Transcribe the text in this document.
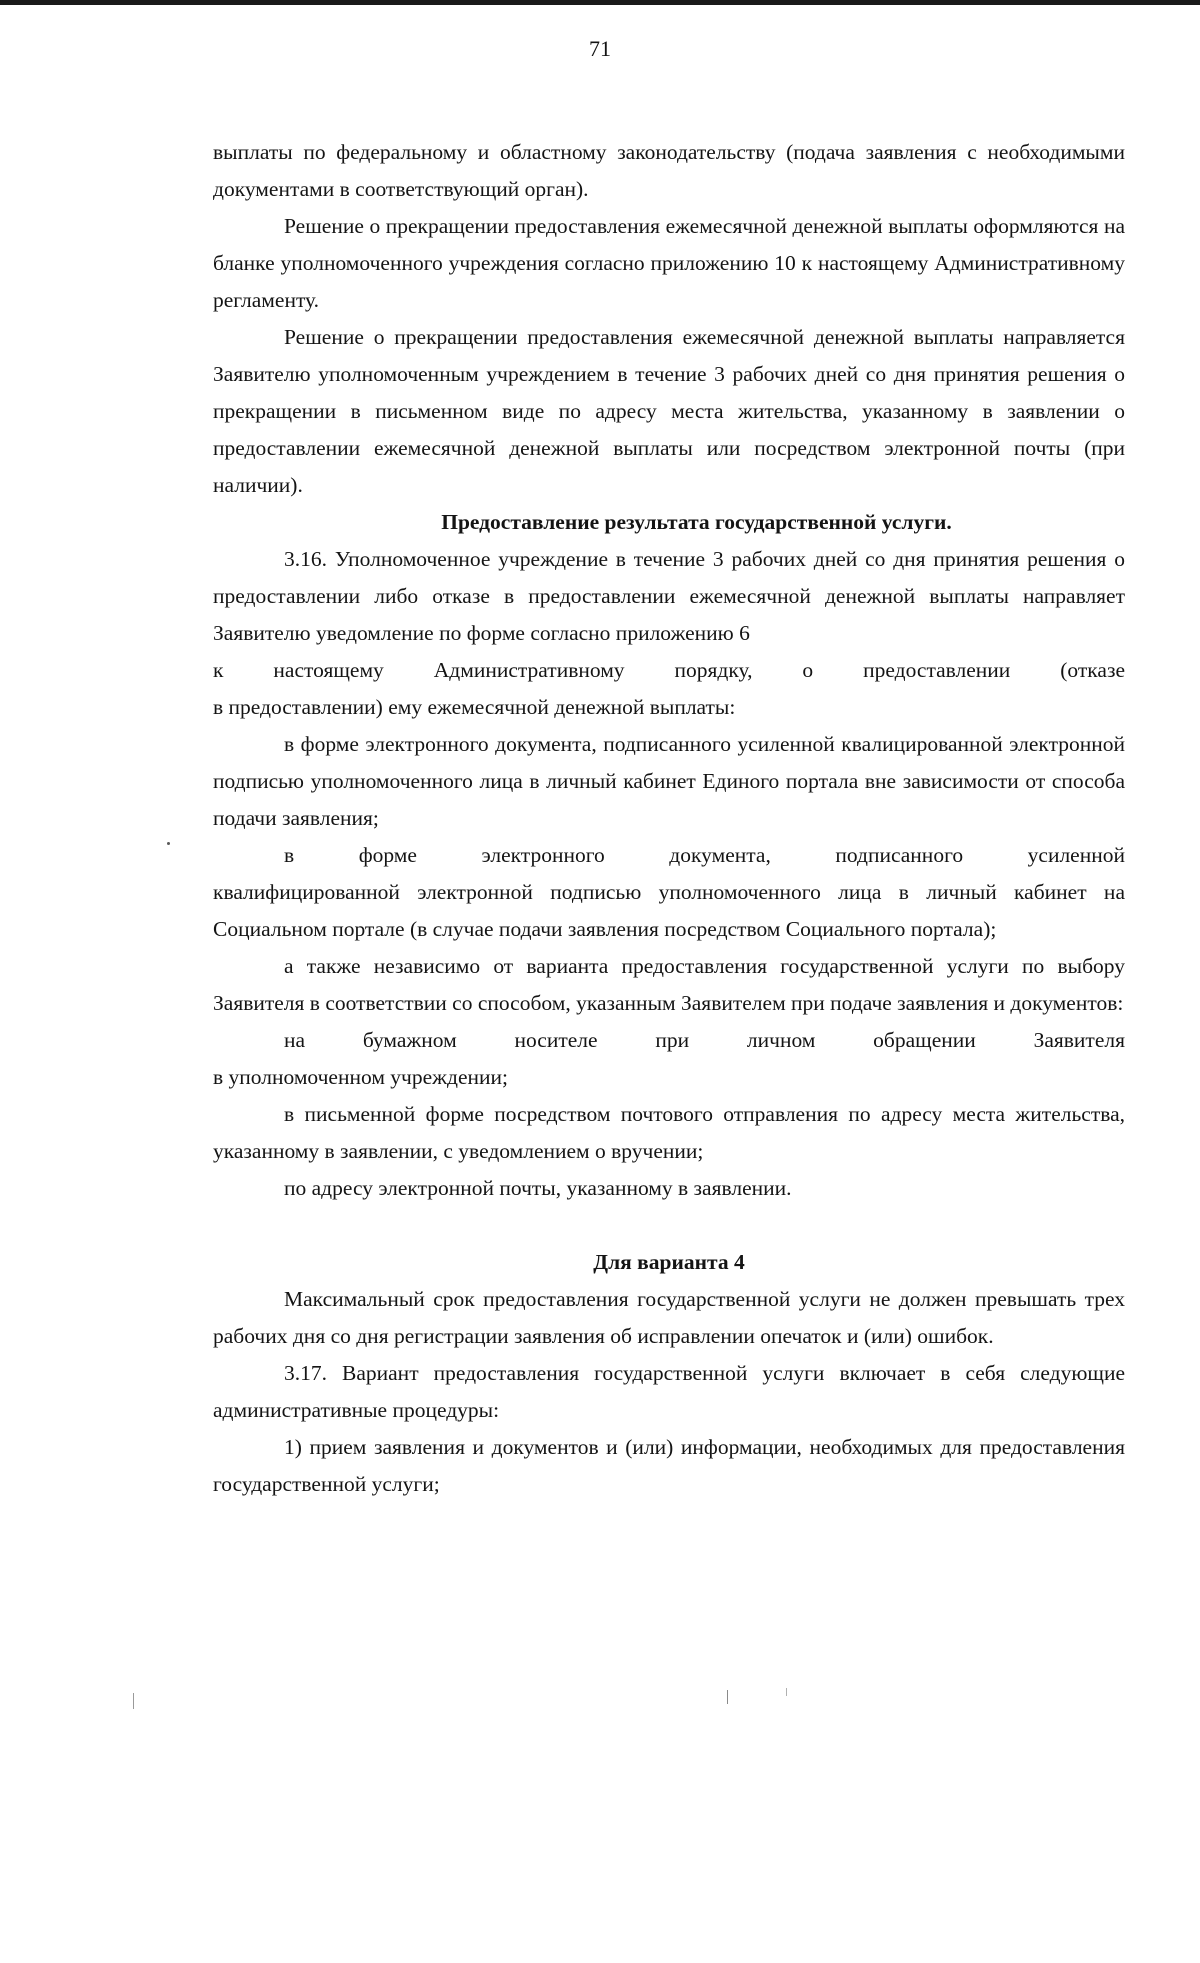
71

выплаты по федеральному и областному законодательству (подача заявления с необходимыми документами в соответствующий орган).

Решение о прекращении предоставления ежемесячной денежной выплаты оформляются на бланке уполномоченного учреждения согласно приложению 10 к настоящему Административному регламенту.

Решение о прекращении предоставления ежемесячной денежной выплаты направляется Заявителю уполномоченным учреждением в течение 3 рабочих дней со дня принятия решения о прекращении в письменном виде по адресу места жительства, указанному в заявлении о предоставлении ежемесячной денежной выплаты или посредством электронной почты (при наличии).

Предоставление результата государственной услуги.

3.16. Уполномоченное учреждение в течение 3 рабочих дней со дня принятия решения о предоставлении либо отказе в предоставлении ежемесячной денежной выплаты направляет Заявителю уведомление по форме согласно приложению 6

к настоящему Административному порядку, о предоставлении (отказе

в предоставлении) ему ежемесячной денежной выплаты:

в форме электронного документа, подписанного усиленной квалицированной электронной подписью уполномоченного лица в личный кабинет Единого портала вне зависимости от способа подачи заявления;

в форме электронного документа, подписанного усиленной

квалифицированной электронной подписью уполномоченного лица в личный кабинет на Социальном портале (в случае подачи заявления посредством Социального портала);

а также независимо от варианта предоставления государственной услуги по выбору Заявителя в соответствии со способом, указанным Заявителем при подаче заявления и документов:

на бумажном носителе при личном обращении Заявителя

в уполномоченном учреждении;

в письменной форме посредством почтового отправления по адресу места жительства, указанному в заявлении, с уведомлением о вручении;

по адресу электронной почты, указанному в заявлении.

Для варианта 4

Максимальный срок предоставления государственной услуги не должен превышать трех рабочих дня со дня регистрации заявления об исправлении опечаток и (или) ошибок.

3.17. Вариант предоставления государственной услуги включает в себя следующие административные процедуры:

1) прием заявления и документов и (или) информации, необходимых для предоставления государственной услуги;
